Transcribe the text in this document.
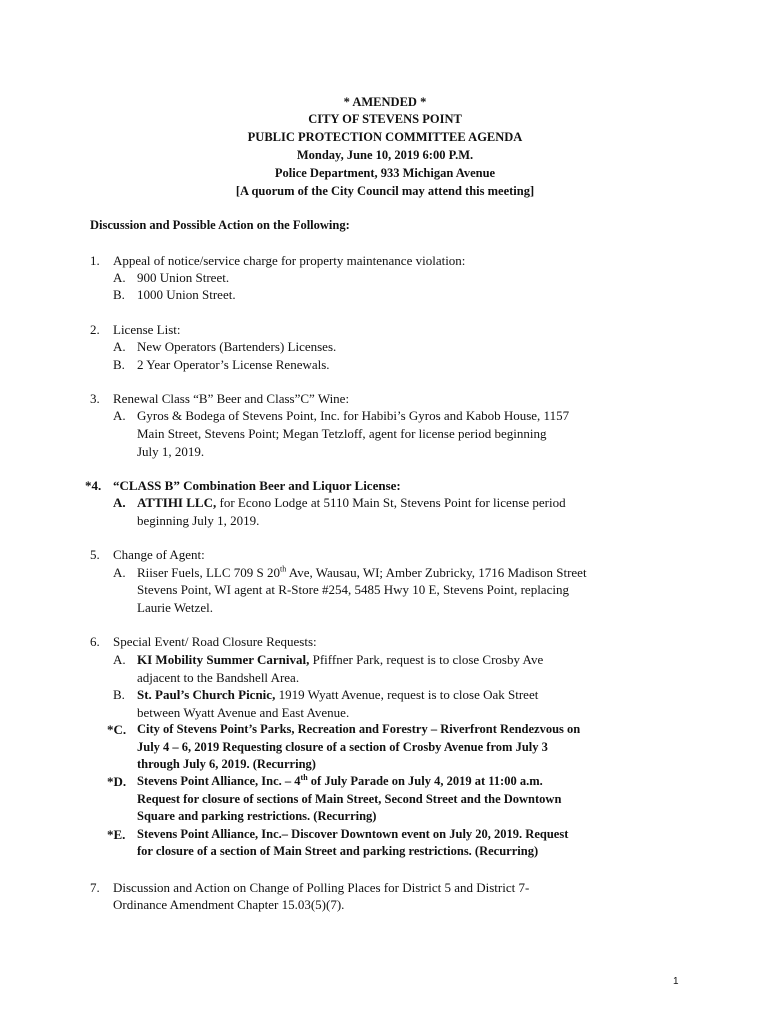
* AMENDED *
CITY OF STEVENS POINT
PUBLIC PROTECTION COMMITTEE AGENDA
Monday, June 10, 2019 6:00 P.M.
Police Department, 933 Michigan Avenue
[A quorum of the City Council may attend this meeting]
Discussion and Possible Action on the Following:
1. Appeal of notice/service charge for property maintenance violation:
A. 900 Union Street.
B. 1000 Union Street.
2. License List:
A. New Operators (Bartenders) Licenses.
B. 2 Year Operator’s License Renewals.
3. Renewal Class “B” Beer and Class”C” Wine:
A. Gyros & Bodega of Stevens Point, Inc. for Habibi’s Gyros and Kabob House, 1157
Main Street, Stevens Point; Megan Tetzloff, agent for license period beginning
July 1, 2019.
*4. “CLASS B” Combination Beer and Liquor License:
A. ATTIHI LLC, for Econo Lodge at 5110 Main St, Stevens Point for license period
beginning July 1, 2019.
5. Change of Agent:
A. Riiser Fuels, LLC 709 S 20th Ave, Wausau, WI; Amber Zubricky, 1716 Madison Street
Stevens Point, WI agent at R-Store #254, 5485 Hwy 10 E, Stevens Point, replacing
Laurie Wetzel.
6. Special Event/ Road Closure Requests:
A. KI Mobility Summer Carnival, Pfiffner Park, request is to close Crosby Ave
adjacent to the Bandshell Area.
B. St. Paul’s Church Picnic, 1919 Wyatt Avenue, request is to close Oak Street
between Wyatt Avenue and East Avenue.
*C. City of Stevens Point’s Parks, Recreation and Forestry – Riverfront Rendezvous on
July 4 – 6, 2019 Requesting closure of a section of Crosby Avenue from July 3
through July 6, 2019. (Recurring)
*D. Stevens Point Alliance, Inc. – 4th of July Parade on July 4, 2019 at 11:00 a.m.
Request for closure of sections of Main Street, Second Street and the Downtown
Square and parking restrictions. (Recurring)
*E. Stevens Point Alliance, Inc.– Discover Downtown event on July 20, 2019. Request
for closure of a section of Main Street and parking restrictions. (Recurring)
7. Discussion and Action on Change of Polling Places for District 5 and District 7-
Ordinance Amendment Chapter 15.03(5)(7).
1
